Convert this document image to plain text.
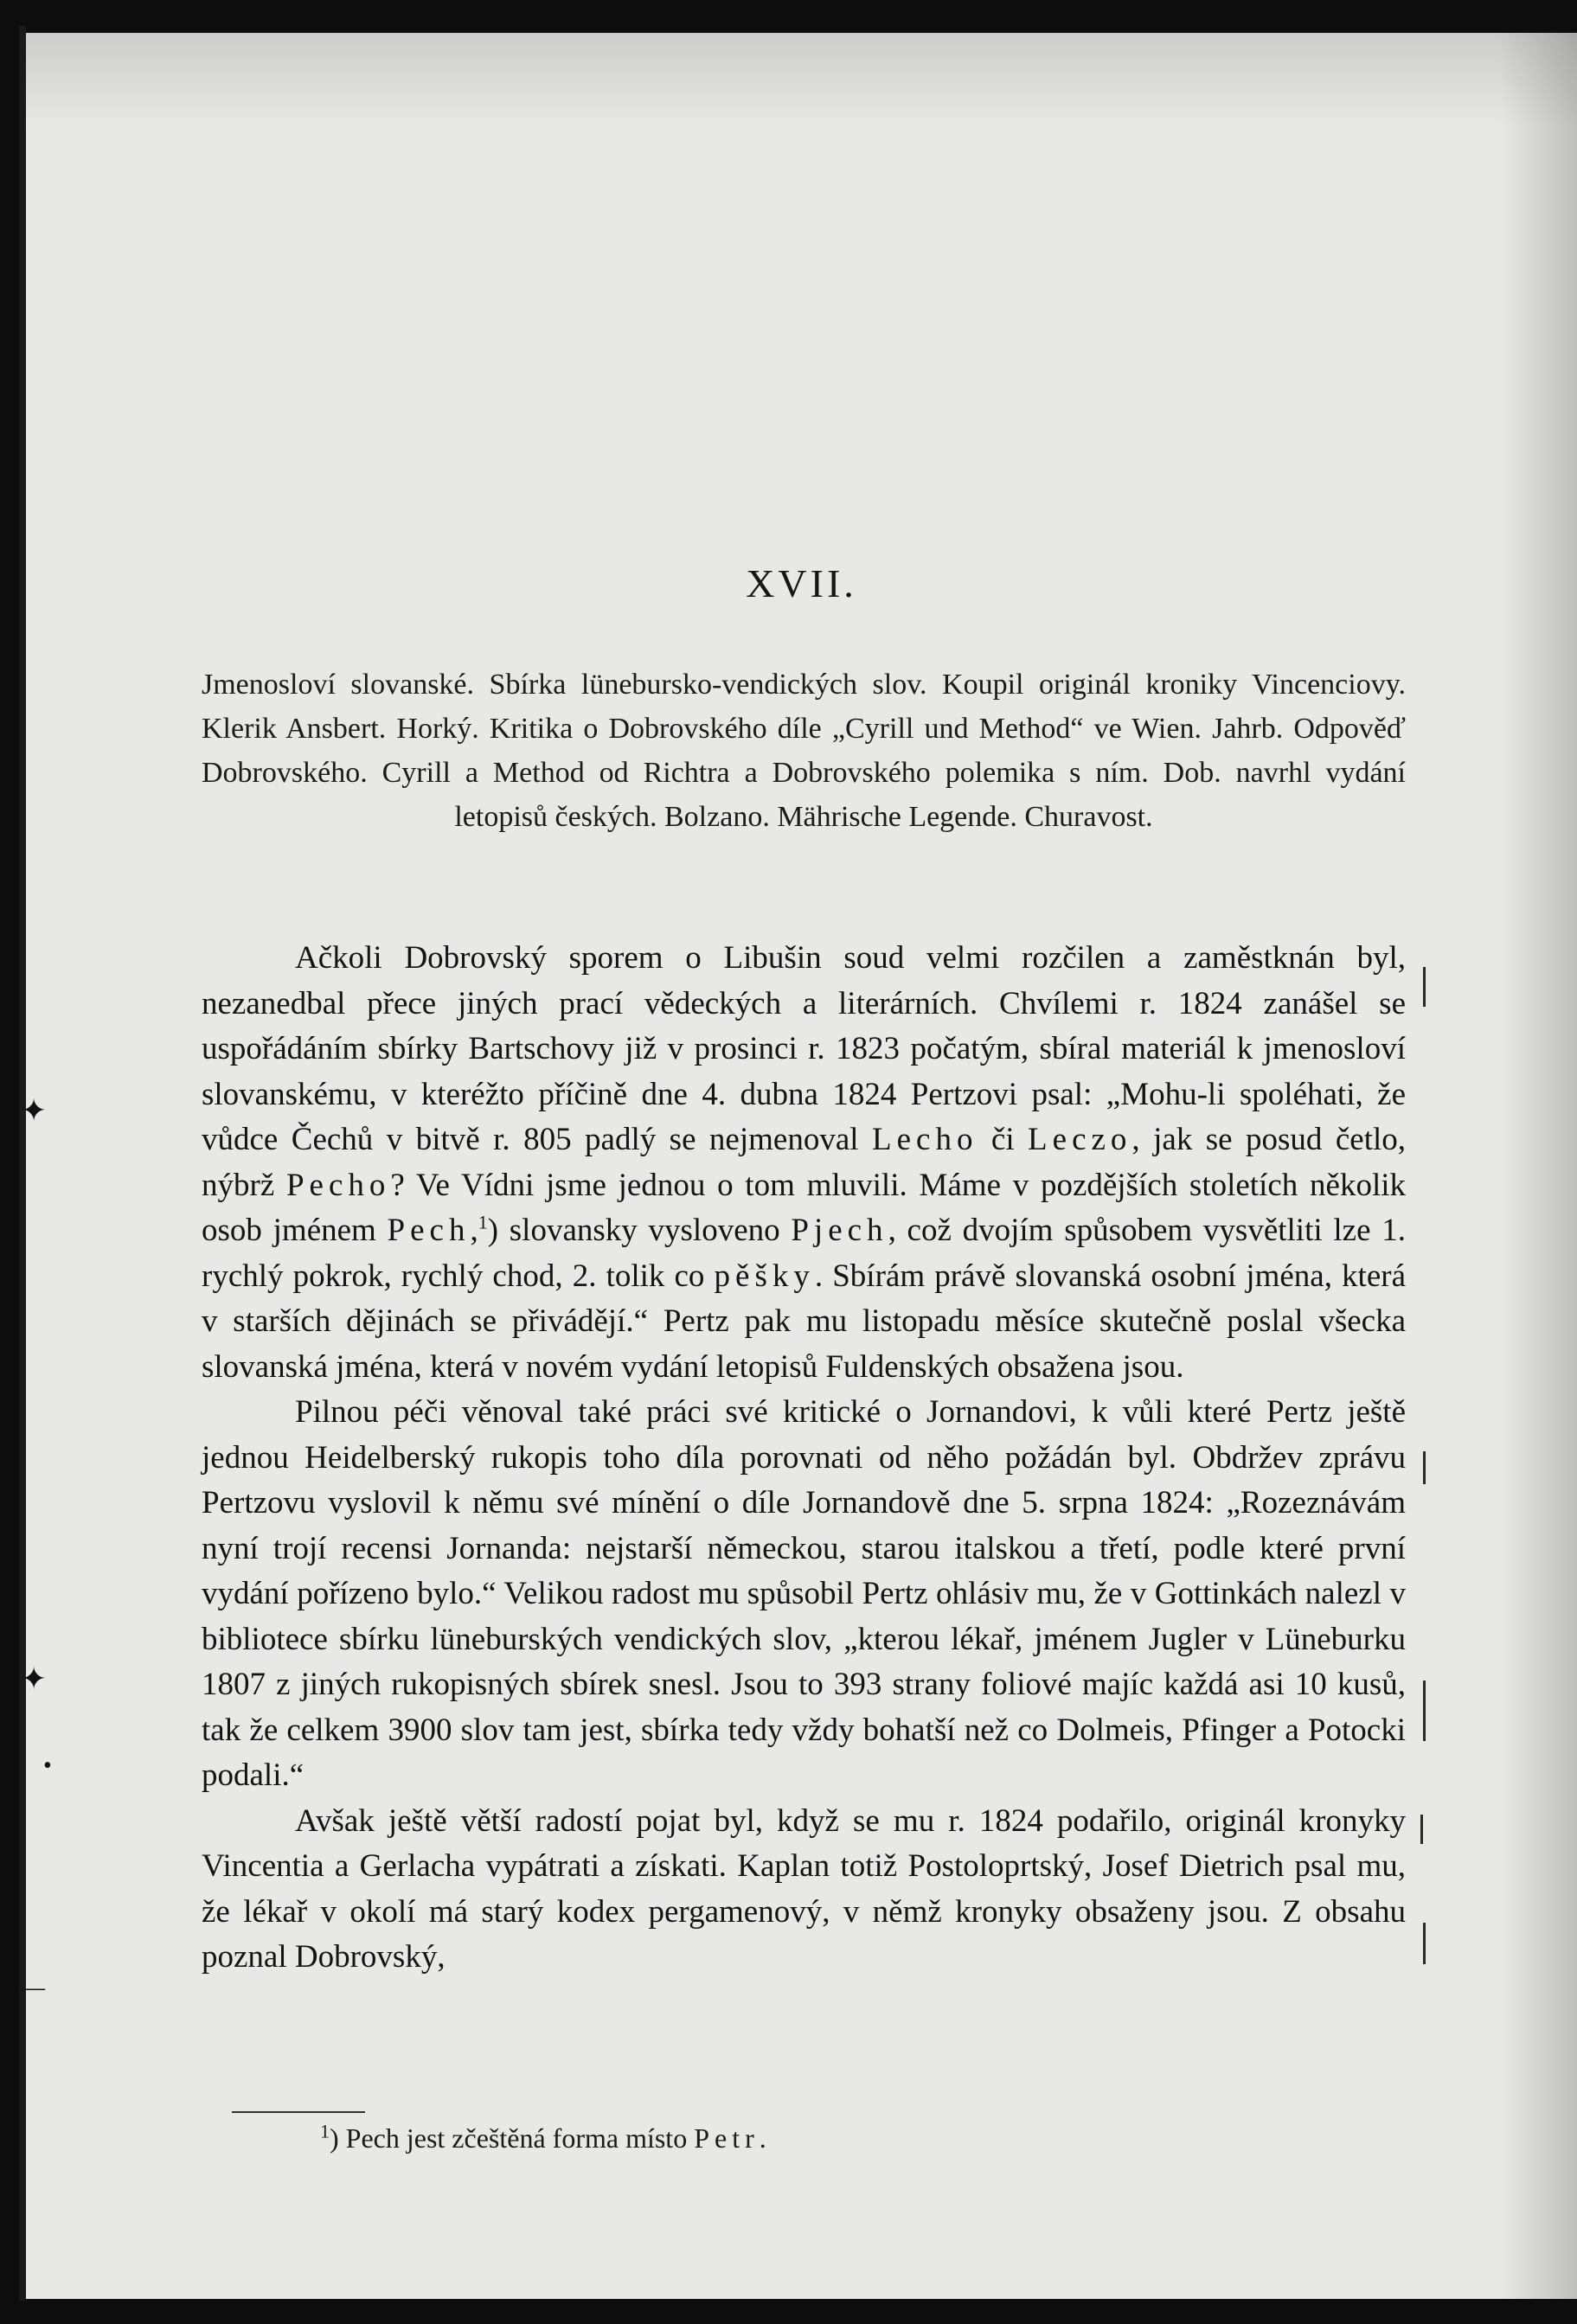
XVII.
Jmenosloví slovanské. Sbírka lüneburskо-vendických slov. Koupil originál kroniky Vincenciovy. Klerik Ansbert. Horký. Kritika o Dobrovského díle „Cyrill und Method“ ve Wien. Jahrb. Odpověď Dobrovského. Cyrill a Method od Richtra a Dobrovského polemika s ním. Dob. navrhl vydání letopisů českých. Bolzano. Mährische Legende. Churavost.

Ačkoli Dobrovský sporem o Libušin soud velmi rozčilen a zaměstknán byl, nezanedbal přece jiných prací vědeckých a literárních. Chvílemi r. 1824 zanášel se uspořádáním sbírky Bartschovy již v prosinci r. 1823 počatým, sbíral materiál k jmenosloví slovanskému, v kteréžto příčině dne 4. dubna 1824 Pertzovi psal: „Mohu-li spoléhati, že vůdce Čechů v bitvě r. 805 padlý se nejmenoval Lecho či Leczo, jak se posud četlo, nýbrž Pecho? Ve Vídni jsme jednou o tom mluvili. Máme v pozdějších stoletích několik osob jménem Pech,$^1$) slovansky vysloveno Pjech, což dvojím spůsobem vysvětliti lze 1. rychlý pokrok, rychlý chod, 2. tolik co pěšky. Sbírám právě slovanská osobní jména, která v starších dějinách se přivádějí.“ Pertz pak mu listopadu měsíce skutečně poslal všecka slovanská jména, která v novém vydání letopisů Fuldenských obsažena jsou.

Pilnou péči věnoval také práci své kritické o Jornandovi, k vůli které Pertz ještě jednou Heidelberský rukopis toho díla porovnati od něho požádán byl. Obdržev zprávu Pertzovu vyslovil k němu své mínění o díle Jornandově dne 5. srpna 1824: „Rozeznávám nyní trojí recensi Jornanda: nejstarší německou, starou italskou a třetí, podle které první vydání pořízeno bylo.“ Velikou radost mu spůsobil Pertz ohlásiv mu, že v Gottinkách nalezl v bibliotece sbírku lüneburských vendických slov, „kterou lékař, jménem Jugler v Lüneburku 1807 z jiných rukopisných sbírek snesl. Jsou to 393 strany foliové majíc každá asi 10 kusů, tak že celkem 3900 slov tam jest, sbírka tedy vždy bohatší než co Dolmeis, Pfinger a Potocki podali.“

Avšak ještě větší radostí pojat byl, když se mu r. 1824 podařilo, originál kronyky Vincentia a Gerlacha vypátrati a získati. Kaplan totiž Postoloprtský, Josef Dietrich psal mu, že lékař v okolí má starý kodex pergamenový, v němž kronyky obsaženy jsou. Z obsahu poznal Dobrovský,

$^1$) Pech jest zčeštěná forma místo Petr.
✦
✦
•
—
